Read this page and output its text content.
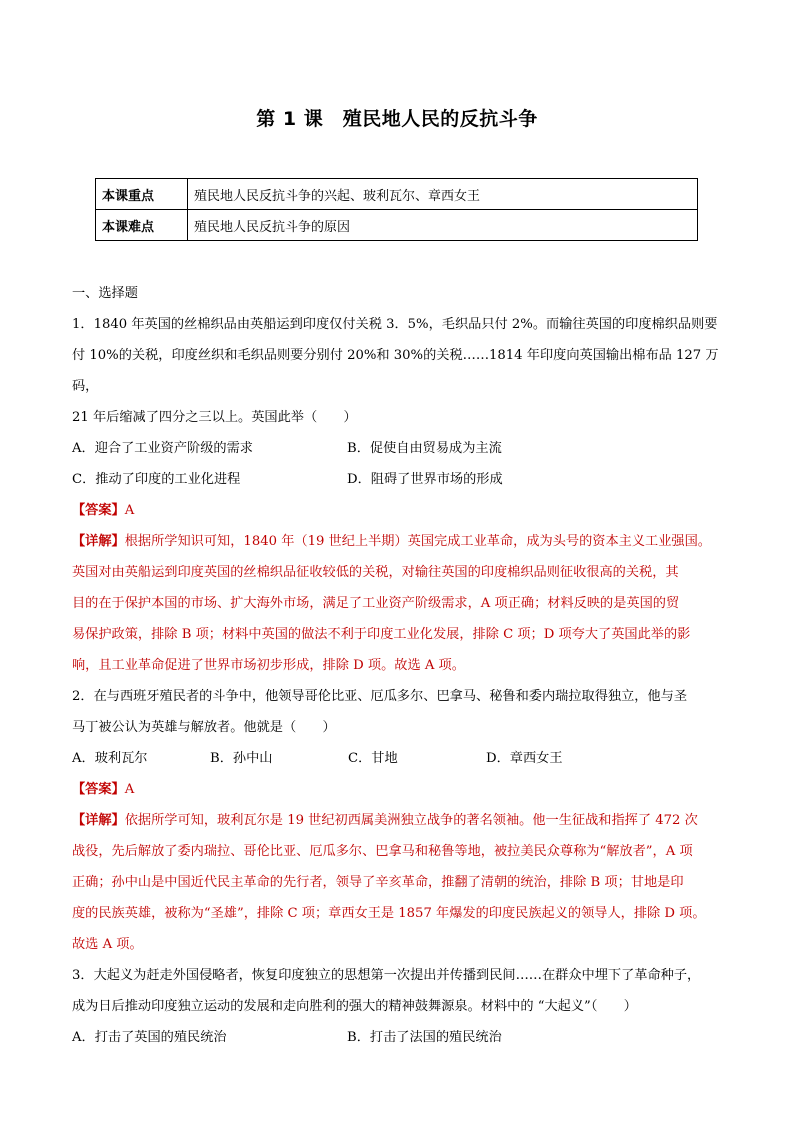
第 1 课　殖民地人民的反抗斗争
本课重点	殖民地人民反抗斗争的兴起、玻利瓦尔、章西女王
本课难点	殖民地人民反抗斗争的原因

一、选择题

1．1840 年英国的丝棉织品由英船运到印度仅付关税 3．5%，毛织品只付 2%。而输往英国的印度棉织品则要

付 10%的关税，印度丝织和毛织品则要分别付 20%和 30%的关税……1814 年印度向英国输出棉布品 127 万码，

21 年后缩减了四分之三以上。英国此举（　　）

A．迎合了工业资产阶级的需求	B．促使自由贸易成为主流
C．推动了印度的工业化进程	D．阻碍了世界市场的形成

【答案】A

【详解】根据所学知识可知，1840 年（19 世纪上半期）英国完成工业革命，成为头号的资本主义工业强国。

英国对由英船运到印度英国的丝棉织品征收较低的关税，对输往英国的印度棉织品则征收很高的关税，其

目的在于保护本国的市场、扩大海外市场，满足了工业资产阶级需求，A 项正确；材料反映的是英国的贸

易保护政策，排除 B 项；材料中英国的做法不利于印度工业化发展，排除 C 项；D 项夸大了英国此举的影

响，且工业革命促进了世界市场初步形成，排除 D 项。故选 A 项。

2．在与西班牙殖民者的斗争中，他领导哥伦比亚、厄瓜多尔、巴拿马、秘鲁和委内瑞拉取得独立，他与圣

马丁被公认为英雄与解放者。他就是（　　）

A．玻利瓦尔	B．孙中山	C．甘地	D．章西女王

【答案】A

【详解】依据所学可知，玻利瓦尔是 19 世纪初西属美洲独立战争的著名领袖。他一生征战和指挥了 472 次

战役，先后解放了委内瑞拉、哥伦比亚、厄瓜多尔、巴拿马和秘鲁等地，被拉美民众尊称为“解放者”，A 项

正确；孙中山是中国近代民主革命的先行者，领导了辛亥革命，推翻了清朝的统治，排除 B 项；甘地是印

度的民族英雄，被称为“圣雄”，排除 C 项；章西女王是 1857 年爆发的印度民族起义的领导人，排除 D 项。

故选 A 项。

3．大起义为赶走外国侵略者，恢复印度独立的思想第一次提出并传播到民间……在群众中埋下了革命种子，

成为日后推动印度独立运动的发展和走向胜利的强大的精神鼓舞源泉。材料中的 “大起义”（　　）

A．打击了英国的殖民统治	B．打击了法国的殖民统治
